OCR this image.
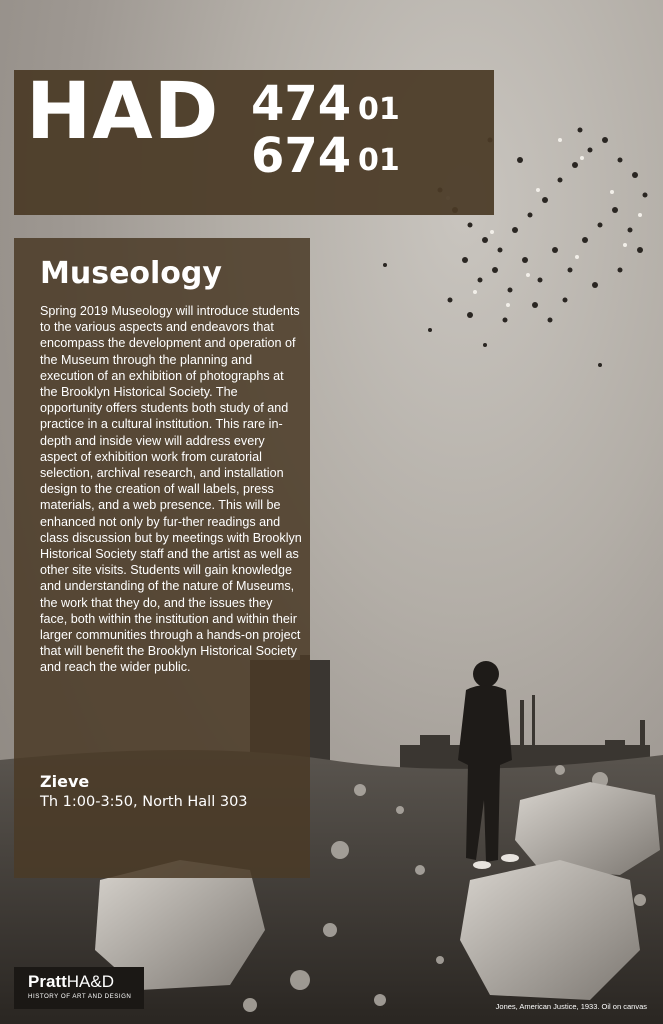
HAD 474 01
674 01
Museology

Spring 2019 Museology will introduce students to the various aspects and endeavors that encompass the development and operation of the Museum through the planning and execution of an exhibition of photographs at the Brooklyn Historical Society. The opportunity offers students both study of and practice in a cultural institution. This rare in-depth and inside view will address every aspect of exhibition work from curatorial selection, archival research, and installation design to the creation of wall labels, press materials, and a web presence. This will be enhanced not only by fur-ther readings and class discussion but by meetings with Brooklyn Historical Society staff and the artist as well as other site visits. Students will gain knowledge and understanding of the nature of Museums, the work that they do, and the issues they face, both within the institution and within their larger communities through a hands-on project that will benefit the Brooklyn Historical Society and reach the wider public.

Zieve
Th 1:00-3:50, North Hall 303
PrattHA&D
HISTORY OF ART AND DESIGN
Jones, American Justice, 1933. Oil on canvas
